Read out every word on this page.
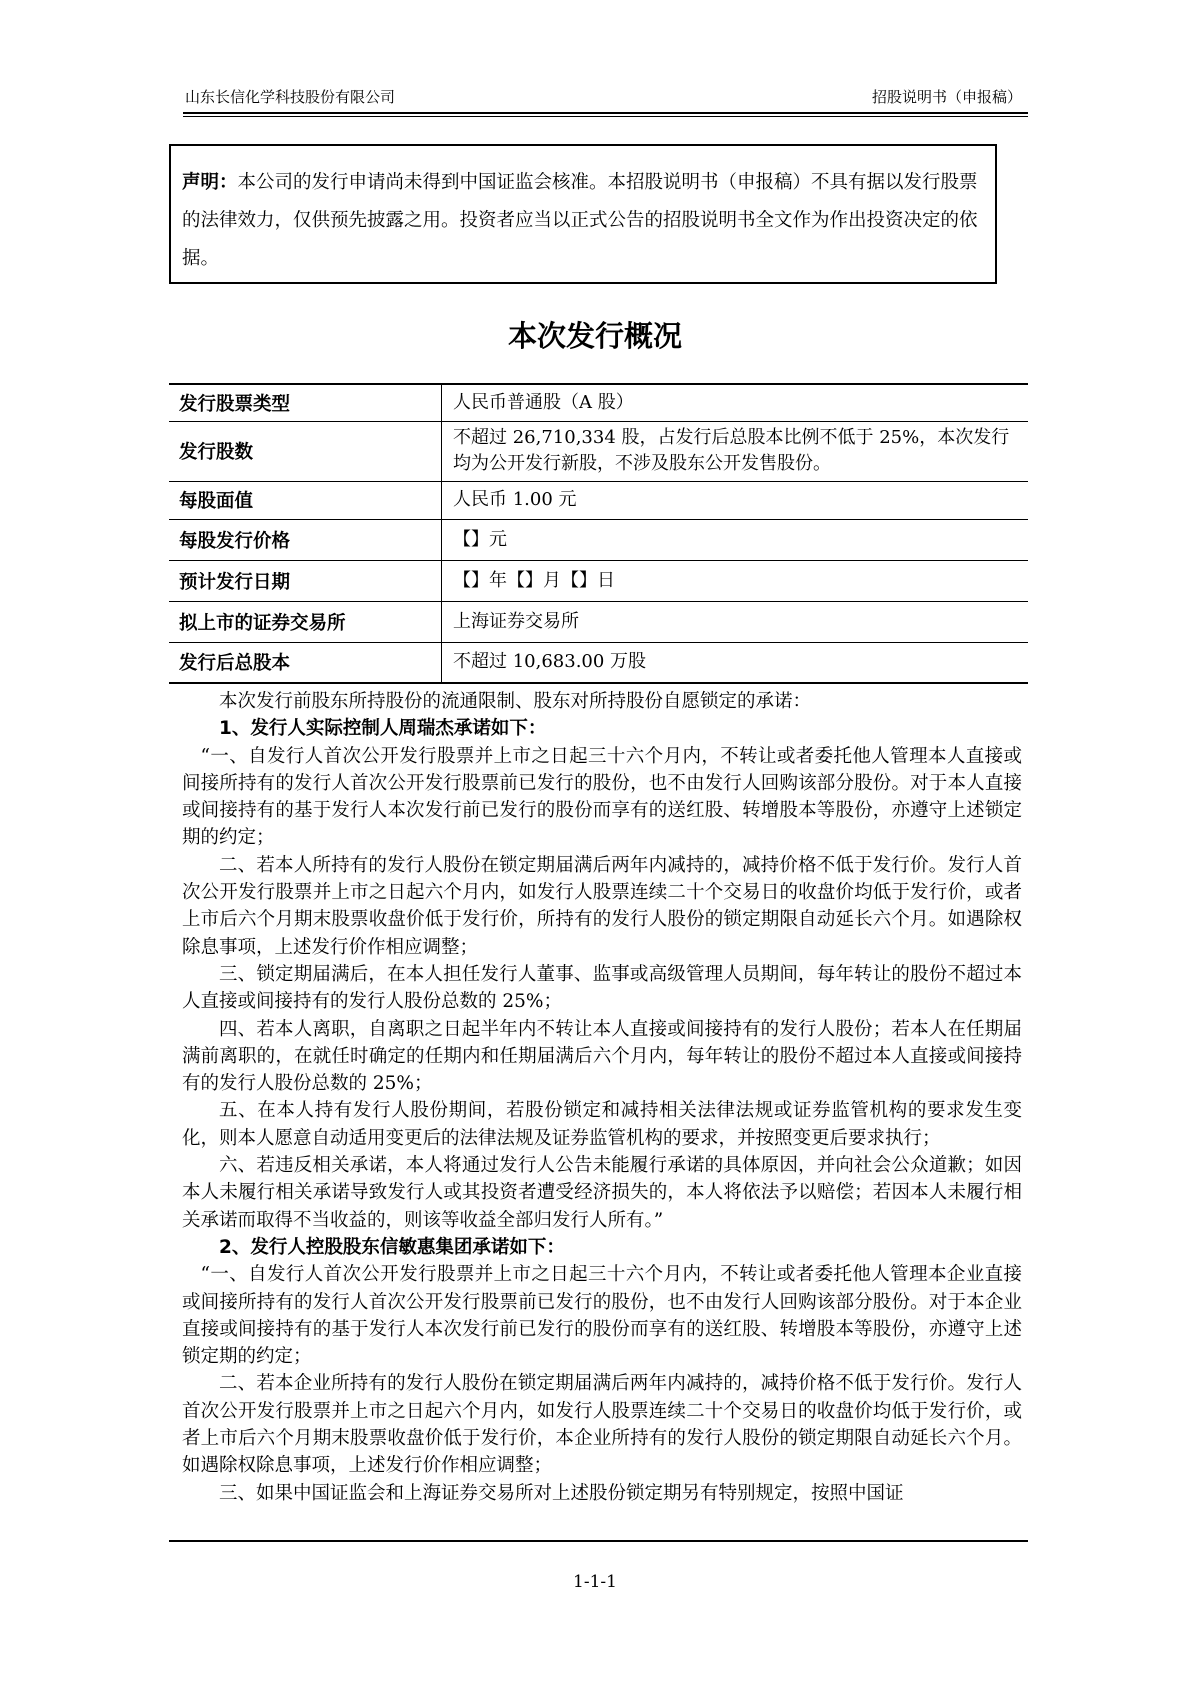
山东长信化学科技股份有限公司	招股说明书（申报稿）
声明：本公司的发行申请尚未得到中国证监会核准。本招股说明书（申报稿）不具有据以发行股票的法律效力，仅供预先披露之用。投资者应当以正式公告的招股说明书全文作为作出投资决定的依据。
本次发行概况
发行股票类型	人民币普通股（A 股）
发行股数	不超过 26,710,334 股，占发行后总股本比例不低于 25%，本次发行均为公开发行新股，不涉及股东公开发售股份。
每股面值	人民币 1.00 元
每股发行价格	【】元
预计发行日期	【】年【】月【】日
拟上市的证券交易所	上海证券交易所
发行后总股本	不超过 10,683.00 万股

本次发行前股东所持股份的流通限制、股东对所持股份自愿锁定的承诺：

1、发行人实际控制人周瑞杰承诺如下：

“一、自发行人首次公开发行股票并上市之日起三十六个月内，不转让或者委托他人管理本人直接或间接所持有的发行人首次公开发行股票前已发行的股份，也不由发行人回购该部分股份。对于本人直接或间接持有的基于发行人本次发行前已发行的股份而享有的送红股、转增股本等股份，亦遵守上述锁定期的约定；

二、若本人所持有的发行人股份在锁定期届满后两年内减持的，减持价格不低于发行价。发行人首次公开发行股票并上市之日起六个月内，如发行人股票连续二十个交易日的收盘价均低于发行价，或者上市后六个月期末股票收盘价低于发行价，所持有的发行人股份的锁定期限自动延长六个月。如遇除权除息事项，上述发行价作相应调整；

三、锁定期届满后，在本人担任发行人董事、监事或高级管理人员期间，每年转让的股份不超过本人直接或间接持有的发行人股份总数的 25%；

四、若本人离职，自离职之日起半年内不转让本人直接或间接持有的发行人股份；若本人在任期届满前离职的，在就任时确定的任期内和任期届满后六个月内，每年转让的股份不超过本人直接或间接持有的发行人股份总数的 25%；

五、在本人持有发行人股份期间，若股份锁定和减持相关法律法规或证券监管机构的要求发生变化，则本人愿意自动适用变更后的法律法规及证券监管机构的要求，并按照变更后要求执行；

六、若违反相关承诺，本人将通过发行人公告未能履行承诺的具体原因，并向社会公众道歉；如因本人未履行相关承诺导致发行人或其投资者遭受经济损失的，本人将依法予以赔偿；若因本人未履行相关承诺而取得不当收益的，则该等收益全部归发行人所有。”

2、发行人控股股东信敏惠集团承诺如下：

“一、自发行人首次公开发行股票并上市之日起三十六个月内，不转让或者委托他人管理本企业直接或间接所持有的发行人首次公开发行股票前已发行的股份，也不由发行人回购该部分股份。对于本企业直接或间接持有的基于发行人本次发行前已发行的股份而享有的送红股、转增股本等股份，亦遵守上述锁定期的约定；

二、若本企业所持有的发行人股份在锁定期届满后两年内减持的，减持价格不低于发行价。发行人首次公开发行股票并上市之日起六个月内，如发行人股票连续二十个交易日的收盘价均低于发行价，或者上市后六个月期末股票收盘价低于发行价，本企业所持有的发行人股份的锁定期限自动延长六个月。如遇除权除息事项，上述发行价作相应调整；

三、如果中国证监会和上海证券交易所对上述股份锁定期另有特别规定，按照中国证

1-1-1
